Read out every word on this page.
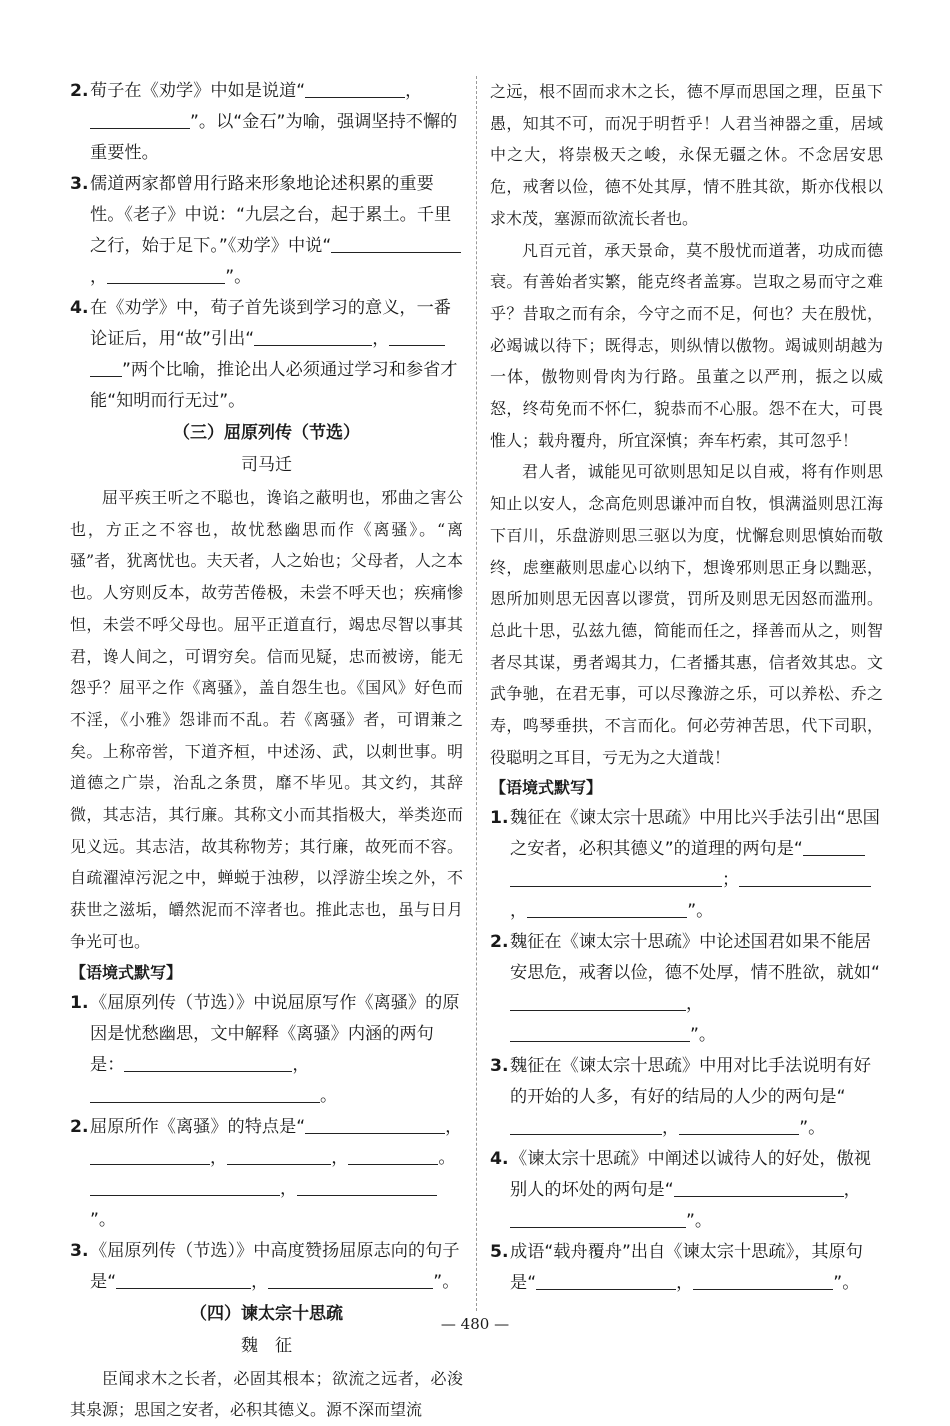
2. 荀子在《劝学》中如是说道“	，”。以“金石”为喻，强调坚持不懈的重要性。
3. 儒道两家都曾用行路来形象地论述积累的重要性。《老子》中说：“九层之台，起于累土。千里之行，始于足下。”《劝学》中说“，	”。
4. 在《劝学》中，荀子首先谈到学习的意义，一番论证后，用“故”引出“	，”两个比喻，推论出人必须通过学习和参省才能“知明而行无过”。
（三）屈原列传（节选）
司马迁

屈平疾王听之不聪也，谗谄之蔽明也，邪曲之害公也，方正之不容也，故忧愁幽思而作《离骚》。“离骚”者，犹离忧也。夫天者，人之始也；父母者，人之本也。人穷则反本，故劳苦倦极，未尝不呼天也；疾痛惨怛，未尝不呼父母也。屈平正道直行，竭忠尽智以事其君，谗人间之，可谓穷矣。信而见疑，忠而被谤，能无怨乎？屈平之作《离骚》，盖自怨生也。《国风》好色而不淫，《小雅》怨诽而不乱。若《离骚》者，可谓兼之矣。上称帝喾，下道齐桓，中述汤、武，以刺世事。明道德之广崇，治乱之条贯，靡不毕见。其文约，其辞微，其志洁，其行廉。其称文小而其指极大，举类迩而见义远。其志洁，故其称物芳；其行廉，故死而不容。自疏濯淖污泥之中，蝉蜕于浊秽，以浮游尘埃之外，不获世之滋垢，皭然泥而不滓者也。推此志也，虽与日月争光可也。

【语境式默写】
1. 《屈原列传（节选）》中说屈原写作《离骚》的原因是忧愁幽思，文中解释《离骚》内涵的两句是：	，。
2. 屈原所作《离骚》的特点是“	，，	，	。，”。
3. 《屈原列传（节选）》中高度赞扬屈原志向的句子是“	，	”。
（四）谏太宗十思疏
魏　征

臣闻求木之长者，必固其根本；欲流之远者，必浚其泉源；思国之安者，必积其德义。源不深而望流

之远，根不固而求木之长，德不厚而思国之理，臣虽下愚，知其不可，而况于明哲乎！人君当神器之重，居域中之大，将崇极天之峻，永保无疆之休。不念居安思危，戒奢以俭，德不处其厚，情不胜其欲，斯亦伐根以求木茂，塞源而欲流长者也。

凡百元首，承天景命，莫不殷忧而道著，功成而德衰。有善始者实繁，能克终者盖寡。岂取之易而守之难乎？昔取之而有余，今守之而不足，何也？夫在殷忧，必竭诚以待下；既得志，则纵情以傲物。竭诚则胡越为一体，傲物则骨肉为行路。虽董之以严刑，振之以威怒，终苟免而不怀仁，貌恭而不心服。怨不在大，可畏惟人；载舟覆舟，所宜深慎；奔车朽索，其可忽乎！

君人者，诚能见可欲则思知足以自戒，将有作则思知止以安人，念高危则思谦冲而自牧，惧满溢则思江海下百川，乐盘游则思三驱以为度，忧懈怠则思慎始而敬终，虑壅蔽则思虚心以纳下，想谗邪则思正身以黜恶，恩所加则思无因喜以谬赏，罚所及则思无因怒而滥刑。总此十思，弘兹九德，简能而任之，择善而从之，则智者尽其谋，勇者竭其力，仁者播其惠，信者效其忠。文武争驰，在君无事，可以尽豫游之乐，可以养松、乔之寿，鸣琴垂拱，不言而化。何必劳神苦思，代下司职，役聪明之耳目，亏无为之大道哉！

【语境式默写】
1. 魏征在《谏太宗十思疏》中用比兴手法引出“思国之安者，必积其德义”的道理的两句是“；，	”。
2. 魏征在《谏太宗十思疏》中论述国君如果不能居安思危，戒奢以俭，德不处厚，情不胜欲，就如“，”。
3. 魏征在《谏太宗十思疏》中用对比手法说明有好的开始的人多，有好的结局的人少的两句是“，	”。
4. 《谏太宗十思疏》中阐述以诚待人的好处，傲视别人的坏处的两句是“	，”。
5. 成语“载舟覆舟”出自《谏太宗十思疏》，其原句是“	，	”。
— 480 —
